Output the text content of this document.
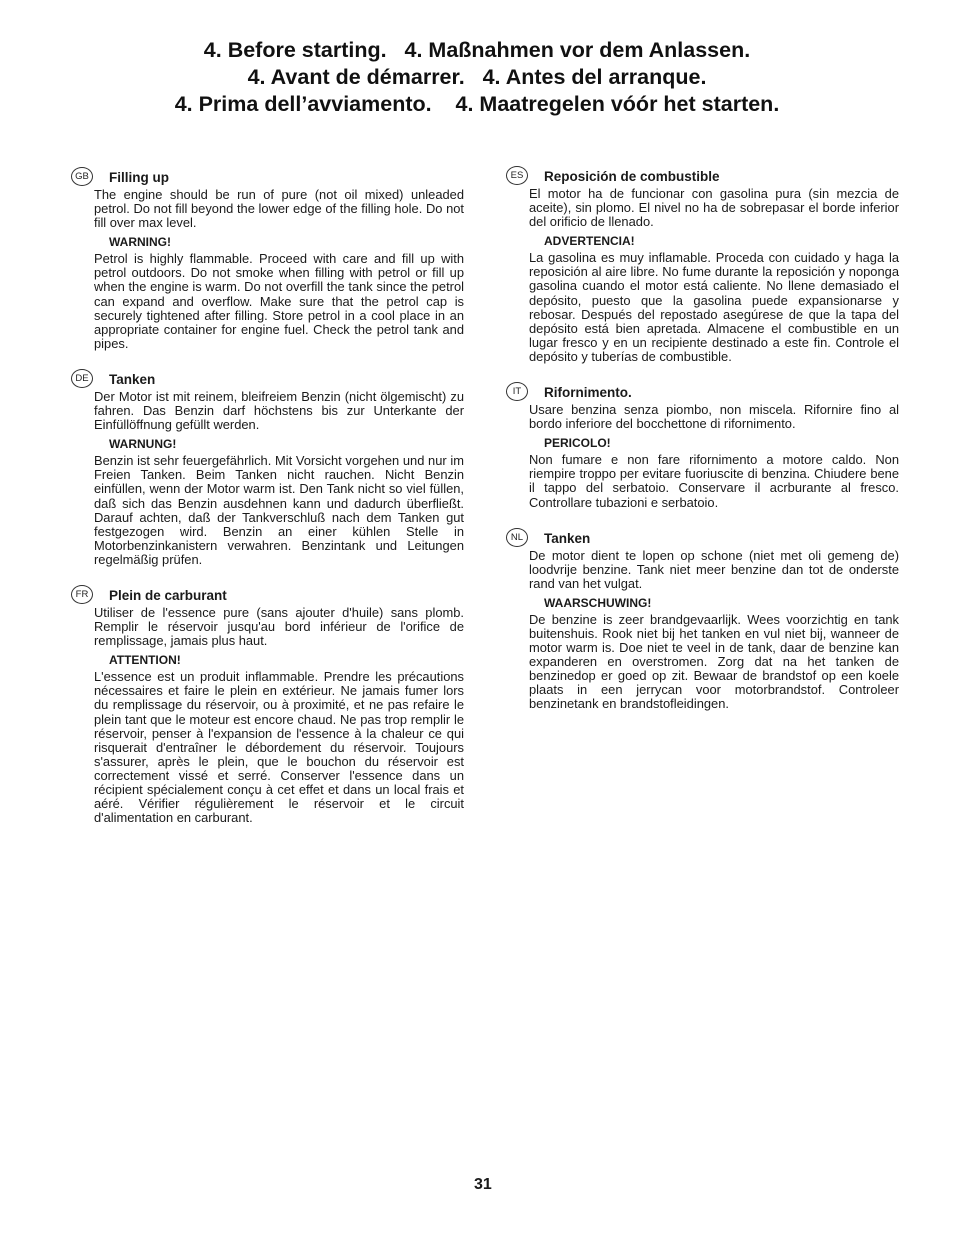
4. Before starting.   4. Maßnahmen vor dem Anlassen.
4. Avant de démarrer.   4. Antes del arranque.
4. Prima dell’avviamento.    4. Maatregelen vóór het starten.
GB	Filling up

The engine should be run of pure (not oil mixed) unleaded petrol. Do not fill beyond the lower edge of the filling hole. Do not fill over max level.

WARNING!

Petrol is highly flammable. Proceed with care and fill up with petrol outdoors. Do not smoke when filling with petrol or fill up when the engine is warm. Do not overfill the tank since the petrol can expand and overflow. Make sure that the petrol cap is securely tightened after filling. Store petrol in a cool place in an appropriate container for engine fuel. Check the petrol tank and pipes.

DE	Tanken

Der Motor ist mit reinem, bleifreiem Benzin (nicht ölgemischt) zu fahren. Das Benzin darf höchstens bis zur Unterkante der Einfüllöffnung gefüllt werden.

WARNUNG!

Benzin ist sehr feuergefährlich. Mit Vorsicht vorgehen und nur im Freien Tanken. Beim Tanken nicht rauchen. Nicht Benzin einfüllen, wenn der Motor warm ist. Den Tank nicht so viel füllen, daß sich das Benzin ausdehnen kann und dadurch überfließt. Darauf achten, daß der Tankverschluß nach dem Tanken gut festgezogen wird. Benzin an einer kühlen Stelle in Motorbenzinkanistern verwahren. Benzintank und Leitungen regelmäßig prüfen.

FR	Plein de carburant

Utiliser de l'essence pure (sans ajouter d'huile) sans plomb. Remplir le réservoir jusqu'au bord inférieur de l'orifice de remplissage, jamais plus haut.

ATTENTION!

L'essence est un produit inflammable. Prendre les précautions nécessaires et faire le plein en extérieur. Ne jamais fumer lors du remplissage du réservoir, ou à proximité, et ne pas refaire le plein tant que le moteur est encore chaud. Ne pas trop remplir le réservoir, penser à l'expansion de l'essence à la chaleur ce qui risquerait d'entraîner le débordement du réservoir. Toujours s'assurer, après le plein, que le bouchon du réservoir est correctement vissé et serré. Conserver l'essence dans un récipient spécialement conçu à cet effet et dans un local frais et aéré. Vérifier régulièrement le réservoir et le circuit d'alimentation en carburant.

ES	Reposición de combustible

El motor ha de funcionar con gasolina pura (sin mezcia de aceite), sin plomo. El nivel no ha de sobrepasar el borde inferior del orificio de llenado.

ADVERTENCIA!

La gasolina es muy inflamable. Proceda con cuidado y haga la reposición al aire libre. No fume durante la reposición y noponga gasolina cuando el motor está caliente. No llene demasiado el depósito, puesto que la gasolina puede expansionarse y rebosar. Después del repostado asegúrese de que la tapa del depósito está bien apretada. Almacene el combustible en un lugar fresco y en un recipiente destinado a este fin. Controle el depósito y tuberías de combustible.

IT	Rifornimento.

Usare benzina senza piombo, non miscela. Rifornire fino al bordo inferiore del bocchettone di rifornimento.

PERICOLO!

Non fumare e non fare rifornimento a motore caldo. Non riempire troppo per evitare fuoriuscite di benzina. Chiudere bene il tappo del serbatoio. Conservare il acrburante al fresco. Controllare tubazioni e serbatoio.

NL	Tanken

De motor dient te lopen op schone (niet met oli gemeng de) loodvrije benzine. Tank niet meer benzine dan tot de onderste rand van het vulgat.

WAARSCHUWING!

De benzine is zeer brandgevaarlijk. Wees voorzichtig en tank buitenshuis. Rook niet bij het tanken en vul niet bij, wanneer de motor warm is. Doe niet te veel in de tank, daar de benzine kan expanderen en overstromen. Zorg dat na het tanken de benzinedop er goed op zit. Bewaar de brandstof op een koele plaats in een jerrycan voor motorbrandstof. Controleer benzinetank en brandstofleidingen.

31
